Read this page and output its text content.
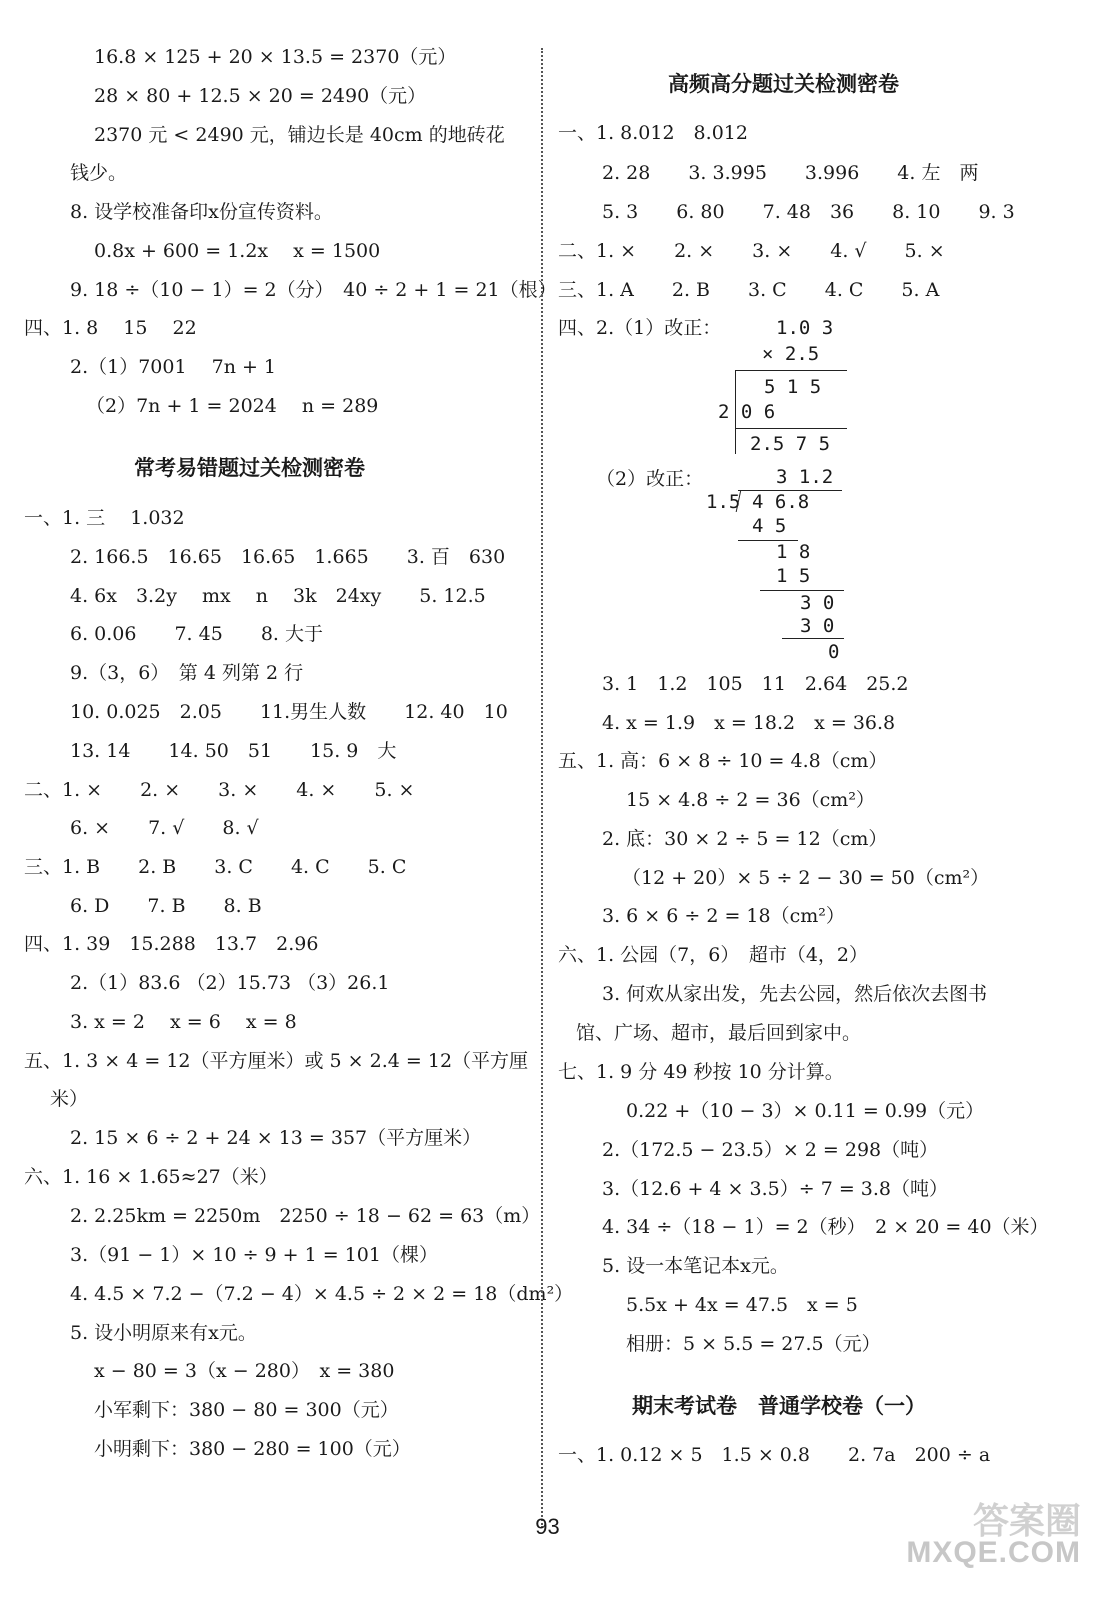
16.8 × 125 + 20 × 13.5 = 2370（元）
28 × 80 + 12.5 × 20 = 2490（元）
2370 元 < 2490 元，铺边长是 40cm 的地砖花
钱少。
8. 设学校准备印x份宣传资料。
0.8x + 600 = 1.2x　 x = 1500
9. 18 ÷（10 − 1）= 2（分）　40 ÷ 2 + 1 = 21（根）
四、1. 8　 15　 22
2.（1）7001　 7n + 1
（2）7n + 1 = 2024　 n = 289
常考易错题过关检测密卷
一、1. 三　 1.032
2. 166.5　16.65　16.65　1.665　　3. 百　630
4. 6x　3.2y　 mx　 n　 3k　24xy　　5. 12.5
6. 0.06　　7. 45　　8. 大于
9.（3，6）　第 4 列第 2 行
10. 0.025　2.05　　11.男生人数　　12. 40　10
13. 14　　14. 50　51　　15. 9　大
二、1. ×　　2. ×　　3. ×　　4. ×　　5. ×
6. ×　　7. √　　8. √
三、1. B　　2. B　　3. C　　4. C　　5. C
6. D　　7. B　　8. B
四、1. 39　15.288　13.7　2.96
2.（1）83.6 （2）15.73 （3）26.1
3. x = 2　 x = 6　 x = 8
五、1. 3 × 4 = 12（平方厘米）或 5 × 2.4 = 12（平方厘
米）
2. 15 × 6 ÷ 2 + 24 × 13 = 357（平方厘米）
六、1. 16 × 1.65≈27（米）
2. 2.25km = 2250m　2250 ÷ 18 − 62 = 63（m）
3.（91 − 1）× 10 ÷ 9 + 1 = 101（棵）
4. 4.5 × 7.2 −（7.2 − 4）× 4.5 ÷ 2 × 2 = 18（dm²）
5. 设小明原来有x元。
x − 80 = 3（x − 280）　x = 380
小军剩下：380 − 80 = 300（元）
小明剩下：380 − 280 = 100（元）
高频高分题过关检测密卷
一、1. 8.012̇　8.012
2. 28　　3. 3.99̇5̇　　3.996　　4. 左　两
5. 3　　6. 80　　7. 48　36　　8. 10　　9. 3
二、1. ×　　2. ×　　3. ×　　4. √　　5. ×
三、1. A　　2. B　　3. C　　4. C　　5. A
四、2.（1）改正：	1.0 3
× 2.5
5 1 5
2 0 6
2.5 7 5
（2）改正：	3 1.2
1.5 4 6.8
4 5
1 8
1 5
3 0
3 0
0
3. 1　1.2　105　11　2.64　25.2
4. x = 1.9　x = 18.2　x = 36.8
五、1. 高：6 × 8 ÷ 10 = 4.8（cm）
15 × 4.8 ÷ 2 = 36（cm²）
2. 底：30 × 2 ÷ 5 = 12（cm）
（12 + 20）× 5 ÷ 2 − 30 = 50（cm²）
3. 6 × 6 ÷ 2 = 18（cm²）
六、1. 公园（7，6）　超市（4，2）
3. 何欢从家出发，先去公园，然后依次去图书
馆、广场、超市，最后回到家中。
七、1. 9 分 49 秒按 10 分计算。
0.22 +（10 − 3）× 0.11 = 0.99（元）
2.（172.5 − 23.5）× 2 = 298（吨）
3.（12.6 + 4 × 3.5）÷ 7 = 3.8（吨）
4. 34 ÷（18 − 1）= 2（秒）　2 × 20 = 40（米）
5. 设一本笔记本x元。
5.5x + 4x = 47.5　x = 5
相册：5 × 5.5 = 27.5（元）
期末考试卷　普通学校卷（一）
一、1. 0.12 × 5　1.5 × 0.8　　2. 7a　200 ÷ a
93	答案圈
MXQE.COM
